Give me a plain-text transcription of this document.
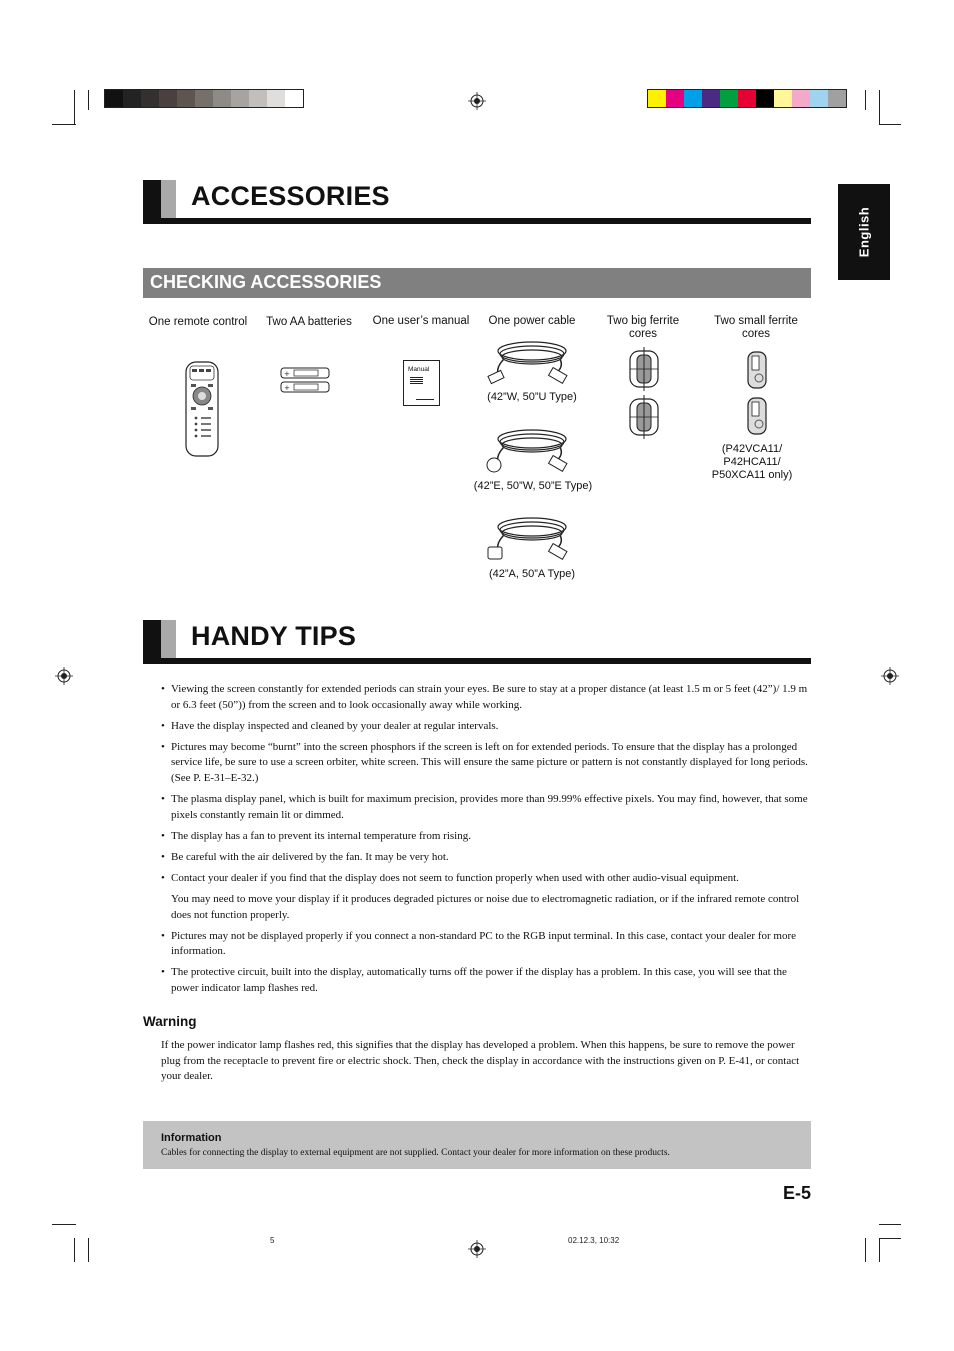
English
ACCESSORIES
CHECKING ACCESSORIES
One remote control	Two AA batteries	One user’s manual	One power cable	Two big ferrite cores
Two small ferrite cores
+
+
Manual
(42”W, 50”U Type)
(42”E, 50”W, 50”E Type)
(42”A, 50”A Type)
(P42VCA11/
P42HCA11/
P50XCA11 only)
HANDY TIPS
• Viewing the screen constantly for extended periods can strain your eyes. Be sure to stay at a proper distance (at least 1.5 m or 5 feet (42”)/ 1.9 m or 6.3 feet (50”)) from the screen and to look occasionally away while working.
• Have the display inspected and cleaned by your dealer at regular intervals.
• Pictures may become “burnt” into the screen phosphors if the screen is left on for extended periods. To ensure that the display has a prolonged service life, be sure to use a screen orbiter, white screen. This will ensure the same picture or pattern is not constantly displayed for long periods. (See P. E-31–E-32.)
• The plasma display panel, which is built for maximum precision, provides more than 99.99% effective pixels. You may find, however, that some pixels constantly remain lit or dimmed.
• The display has a fan to prevent its internal temperature from rising.
• Be careful with the air delivered by the fan. It may be very hot.
• Contact your dealer if you find that the display does not seem to function properly when used with other audio-visual equipment.
You may need to move your display if it produces degraded pictures or noise due to electromagnetic radiation, or if the infrared remote control does not function properly.
• Pictures may not be displayed properly if you connect a non-standard PC to the RGB input terminal. In this case, contact your dealer for more information.
• The protective circuit, built into the display, automatically turns off the power if the display has a problem. In this case, you will see that the power indicator lamp flashes red.
Warning
If the power indicator lamp flashes red, this signifies that the display has developed a problem. When this happens, be sure to remove the power plug from the receptacle to prevent fire or electric shock. Then, check the display in accordance with the instructions given on P. E-41, or contact your dealer.
Information
Cables for connecting the display to external equipment are not supplied. Contact your dealer for more information on these products.
E-5
5	02.12.3, 10:32
